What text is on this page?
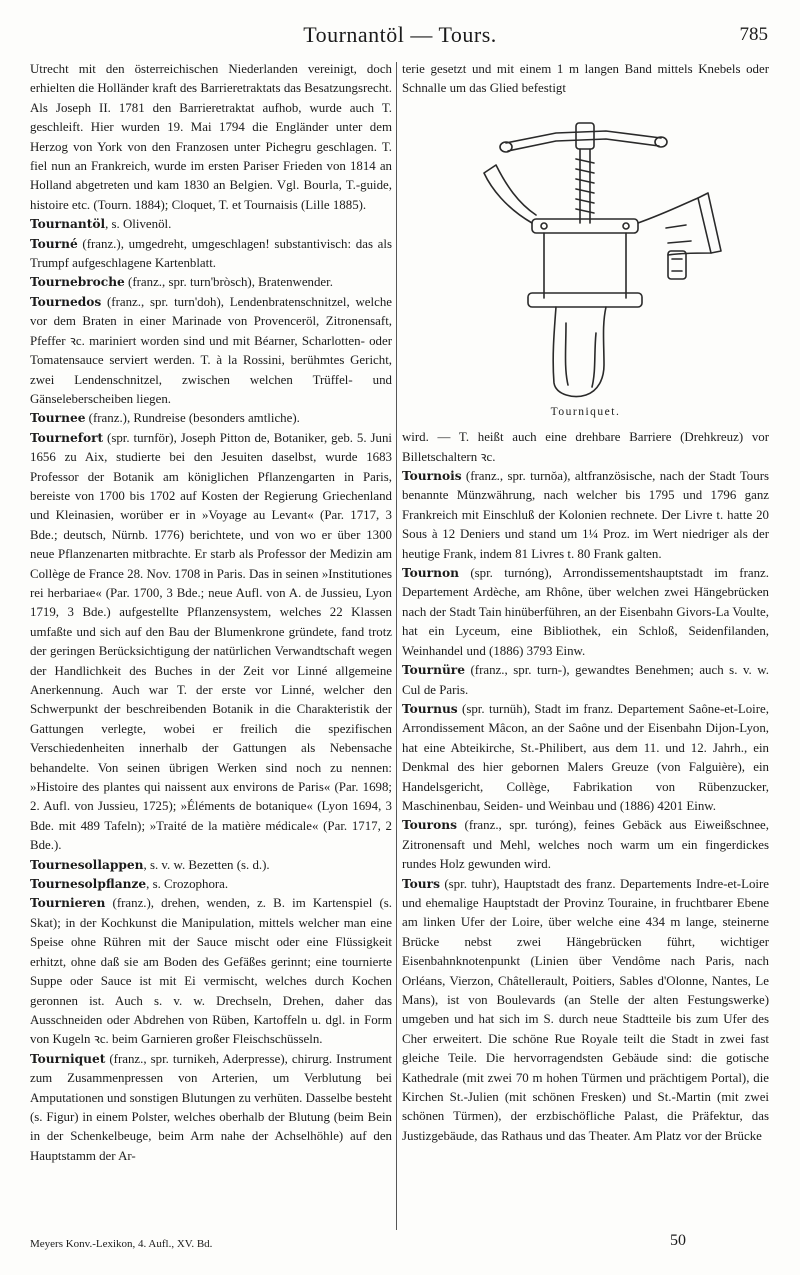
Tournantöl — Tours.	785

Utrecht mit den österreichischen Niederlanden vereinigt, doch erhielten die Holländer kraft des Barrieretraktats das Besatzungsrecht. Als Joseph II. 1781 den Barrieretraktat aufhob, wurde auch T. geschleift. Hier wurden 19. Mai 1794 die Engländer unter dem Herzog von York von den Franzosen unter Pichegru geschlagen. T. fiel nun an Frankreich, wurde im ersten Pariser Frieden von 1814 an Holland abgetreten und kam 1830 an Belgien. Vgl. Bourla, T.-guide, histoire etc. (Tourn. 1884); Cloquet, T. et Tournaisis (Lille 1885).

Tournantöl, s. Olivenöl.

Tourné (franz.), umgedreht, umgeschlagen! substantivisch: das als Trumpf aufgeschlagene Kartenblatt.

Tournebroche (franz., spr. turn'bròsch), Bratenwender.

Tournedos (franz., spr. turn'doh), Lendenbratenschnitzel, welche vor dem Braten in einer Marinade von Provenceröl, Zitronensaft, Pfeffer ꝛc. mariniert worden sind und mit Béarner, Scharlotten- oder Tomatensauce serviert werden. T. à la Rossini, berühmtes Gericht, zwei Lendenschnitzel, zwischen welchen Trüffel- und Gänseleberscheiben liegen.

Tournee (franz.), Rundreise (besonders amtliche).

Tournefort (spr. turnför), Joseph Pitton de, Botaniker, geb. 5. Juni 1656 zu Aix, studierte bei den Jesuiten daselbst, wurde 1683 Professor der Botanik am königlichen Pflanzengarten in Paris, bereiste von 1700 bis 1702 auf Kosten der Regierung Griechenland und Kleinasien, worüber er in »Voyage au Levant« (Par. 1717, 3 Bde.; deutsch, Nürnb. 1776) berichtete, und von wo er über 1300 neue Pflanzenarten mitbrachte. Er starb als Professor der Medizin am Collège de France 28. Nov. 1708 in Paris. Das in seinen »Institutiones rei herbariae« (Par. 1700, 3 Bde.; neue Aufl. von A. de Jussieu, Lyon 1719, 3 Bde.) aufgestellte Pflanzensystem, welches 22 Klassen umfaßte und sich auf den Bau der Blumenkrone gründete, fand trotz der geringen Berücksichtigung der natürlichen Verwandtschaft wegen der Handlichkeit des Buches in der Zeit vor Linné allgemeine Anerkennung. Auch war T. der erste vor Linné, welcher den Schwerpunkt der beschreibenden Botanik in die Charakteristik der Gattungen verlegte, wobei er freilich die spezifischen Verschiedenheiten innerhalb der Gattungen als Nebensache behandelte. Von seinen übrigen Werken sind noch zu nennen: »Histoire des plantes qui naissent aux environs de Paris« (Par. 1698; 2. Aufl. von Jussieu, 1725); »Éléments de botanique« (Lyon 1694, 3 Bde. mit 489 Tafeln); »Traité de la matière médicale« (Par. 1717, 2 Bde.).

Tournesollappen, s. v. w. Bezetten (s. d.).

Tournesolpflanze, s. Crozophora.

Tournieren (franz.), drehen, wenden, z. B. im Kartenspiel (s. Skat); in der Kochkunst die Manipulation, mittels welcher man eine Speise ohne Rühren mit der Sauce mischt oder eine Flüssigkeit erhitzt, ohne daß sie am Boden des Gefäßes gerinnt; eine tournierte Suppe oder Sauce ist mit Ei vermischt, welches durch Kochen geronnen ist. Auch s. v. w. Drechseln, Drehen, daher das Ausschneiden oder Abdrehen von Rüben, Kartoffeln u. dgl. in Form von Kugeln ꝛc. beim Garnieren großer Fleischschüsseln.

Tourniquet (franz., spr. turnikeh, Aderpresse), chirurg. Instrument zum Zusammenpressen von Arterien, um Verblutung bei Amputationen und sonstigen Blutungen zu verhüten. Dasselbe besteht (s. Figur) in einem Polster, welches oberhalb der Blutung (beim Bein in der Schenkelbeuge, beim Arm nahe der Achselhöhle) auf den Hauptstamm der Ar-

terie gesetzt und mit einem 1 m langen Band mittels Knebels oder Schnalle um das Glied befestigt

Tourniquet.

wird. — T. heißt auch eine drehbare Barriere (Drehkreuz) vor Billetschaltern ꝛc.

Tournois (franz., spr. turnŏa), altfranzösische, nach der Stadt Tours benannte Münzwährung, nach welcher bis 1795 und 1796 ganz Frankreich mit Einschluß der Kolonien rechnete. Der Livre t. hatte 20 Sous à 12 Deniers und stand um 1¼ Proz. im Wert niedriger als der heutige Frank, indem 81 Livres t. 80 Frank galten.

Tournon (spr. turnóng), Arrondissementshauptstadt im franz. Departement Ardèche, am Rhône, über welchen zwei Hängebrücken nach der Stadt Tain hinüberführen, an der Eisenbahn Givors-La Voulte, hat ein Lyceum, eine Bibliothek, ein Schloß, Seidenfilanden, Weinhandel und (1886) 3793 Einw.

Tournüre (franz., spr. turn-), gewandtes Benehmen; auch s. v. w. Cul de Paris.

Tournus (spr. turnüh), Stadt im franz. Departement Saône-et-Loire, Arrondissement Mâcon, an der Saône und der Eisenbahn Dijon-Lyon, hat eine Abteikirche, St.-Philibert, aus dem 11. und 12. Jahrh., ein Denkmal des hier gebornen Malers Greuze (von Falguière), ein Handelsgericht, Collège, Fabrikation von Rübenzucker, Maschinenbau, Seiden- und Weinbau und (1886) 4201 Einw.

Tourons (franz., spr. turóng), feines Gebäck aus Eiweißschnee, Zitronensaft und Mehl, welches noch warm um ein fingerdickes rundes Holz gewunden wird.

Tours (spr. tuhr), Hauptstadt des franz. Departements Indre-et-Loire und ehemalige Hauptstadt der Provinz Touraine, in fruchtbarer Ebene am linken Ufer der Loire, über welche eine 434 m lange, steinerne Brücke nebst zwei Hängebrücken führt, wichtiger Eisenbahnknotenpunkt (Linien über Vendôme nach Paris, nach Orléans, Vierzon, Châtellerault, Poitiers, Sables d'Olonne, Nantes, Le Mans), ist von Boulevards (an Stelle der alten Festungswerke) umgeben und hat sich im S. durch neue Stadtteile bis zum Ufer des Cher erweitert. Die schöne Rue Royale teilt die Stadt in zwei fast gleiche Teile. Die hervorragendsten Gebäude sind: die gotische Kathedrale (mit zwei 70 m hohen Türmen und prächtigem Portal), die Kirchen St.-Julien (mit schönen Fresken) und St.-Martin (mit zwei schönen Türmen), der erzbischöfliche Palast, die Präfektur, das Justizgebäude, das Rathaus und das Theater. Am Platz vor der Brücke

Meyers Konv.-Lexikon, 4. Aufl., XV. Bd.	50
